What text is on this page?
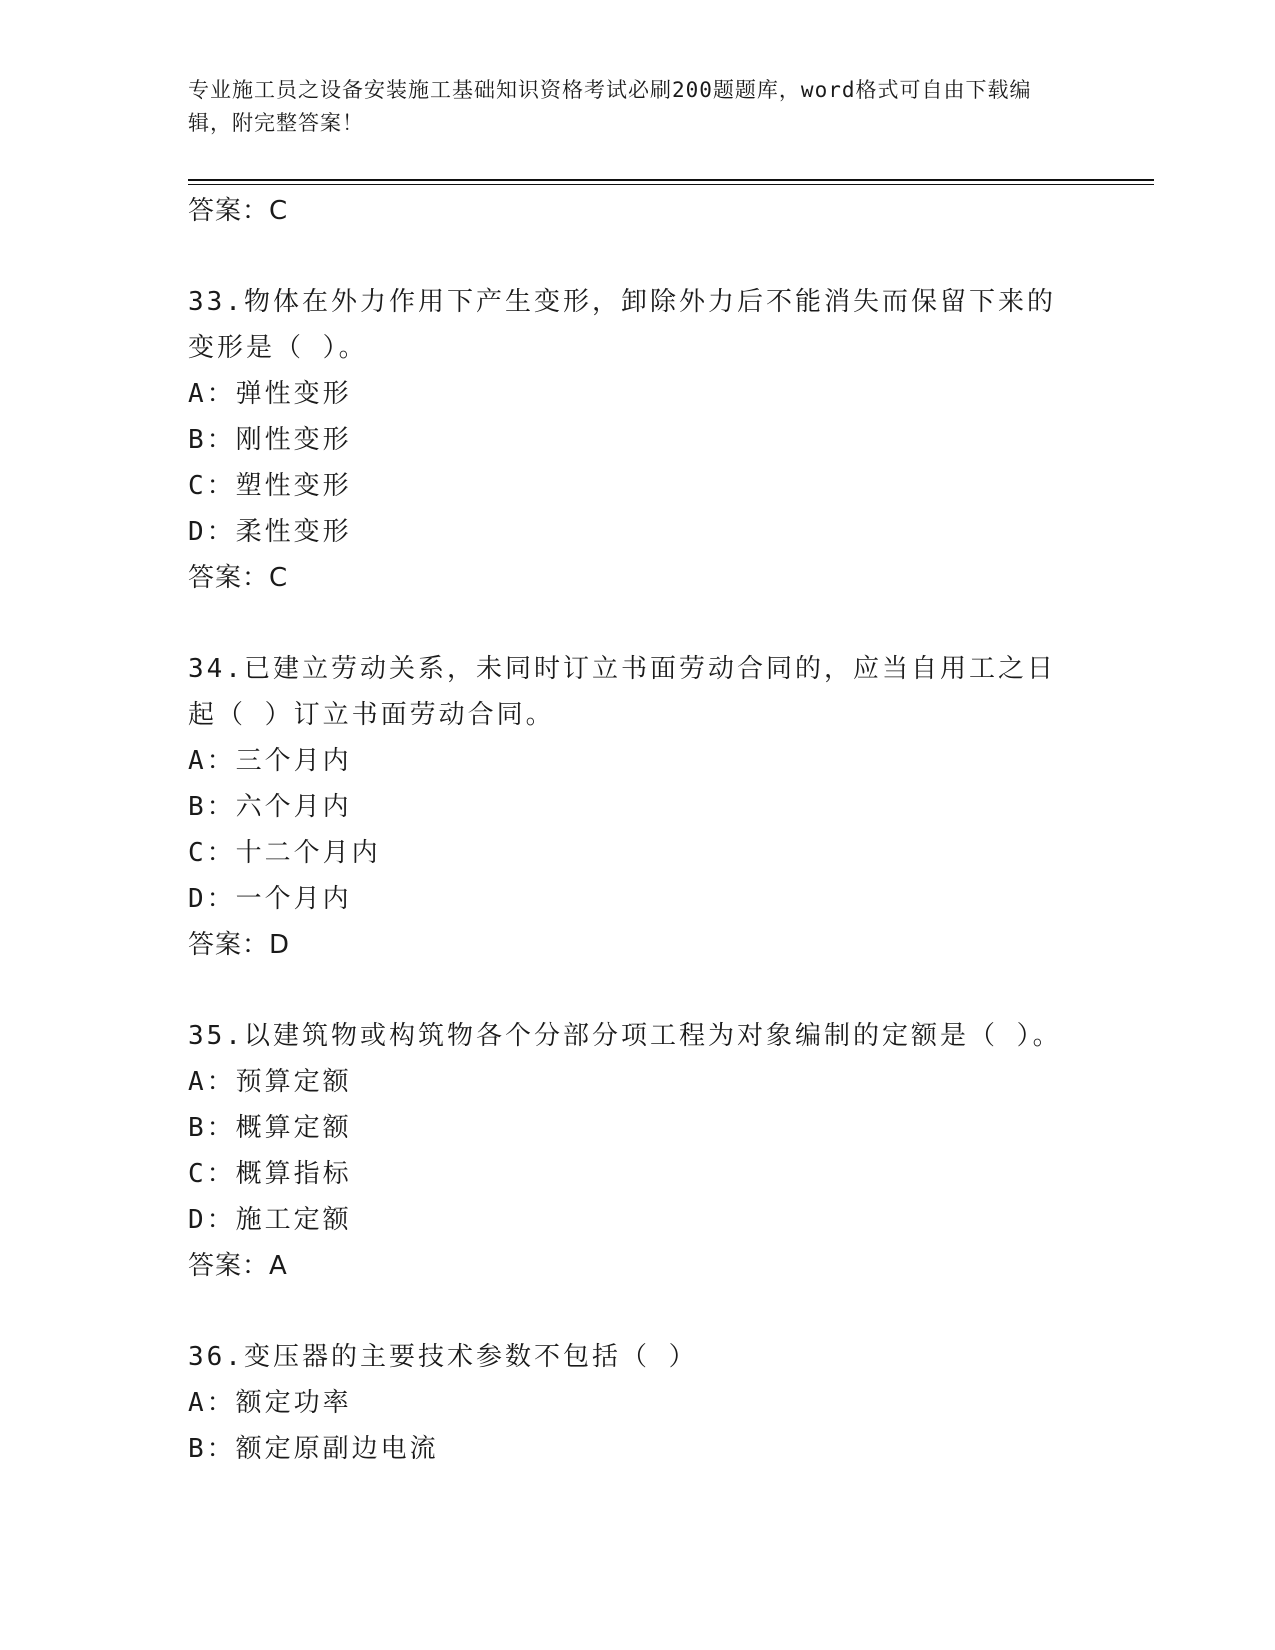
专业施工员之设备安装施工基础知识资格考试必刷200题题库，word格式可自由下载编辑，附完整答案！
答案：C
33.物体在外力作用下产生变形，卸除外力后不能消失而保留下来的变形是（ ）。
A：弹性变形
B：刚性变形
C：塑性变形
D：柔性变形
答案：C
34.已建立劳动关系，未同时订立书面劳动合同的，应当自用工之日起（ ）订立书面劳动合同。
A：三个月内
B：六个月内
C：十二个月内
D：一个月内
答案：D
35.以建筑物或构筑物各个分部分项工程为对象编制的定额是（ ）。
A：预算定额
B：概算定额
C：概算指标
D：施工定额
答案：A
36.变压器的主要技术参数不包括（ ）
A：额定功率
B：额定原副边电流
